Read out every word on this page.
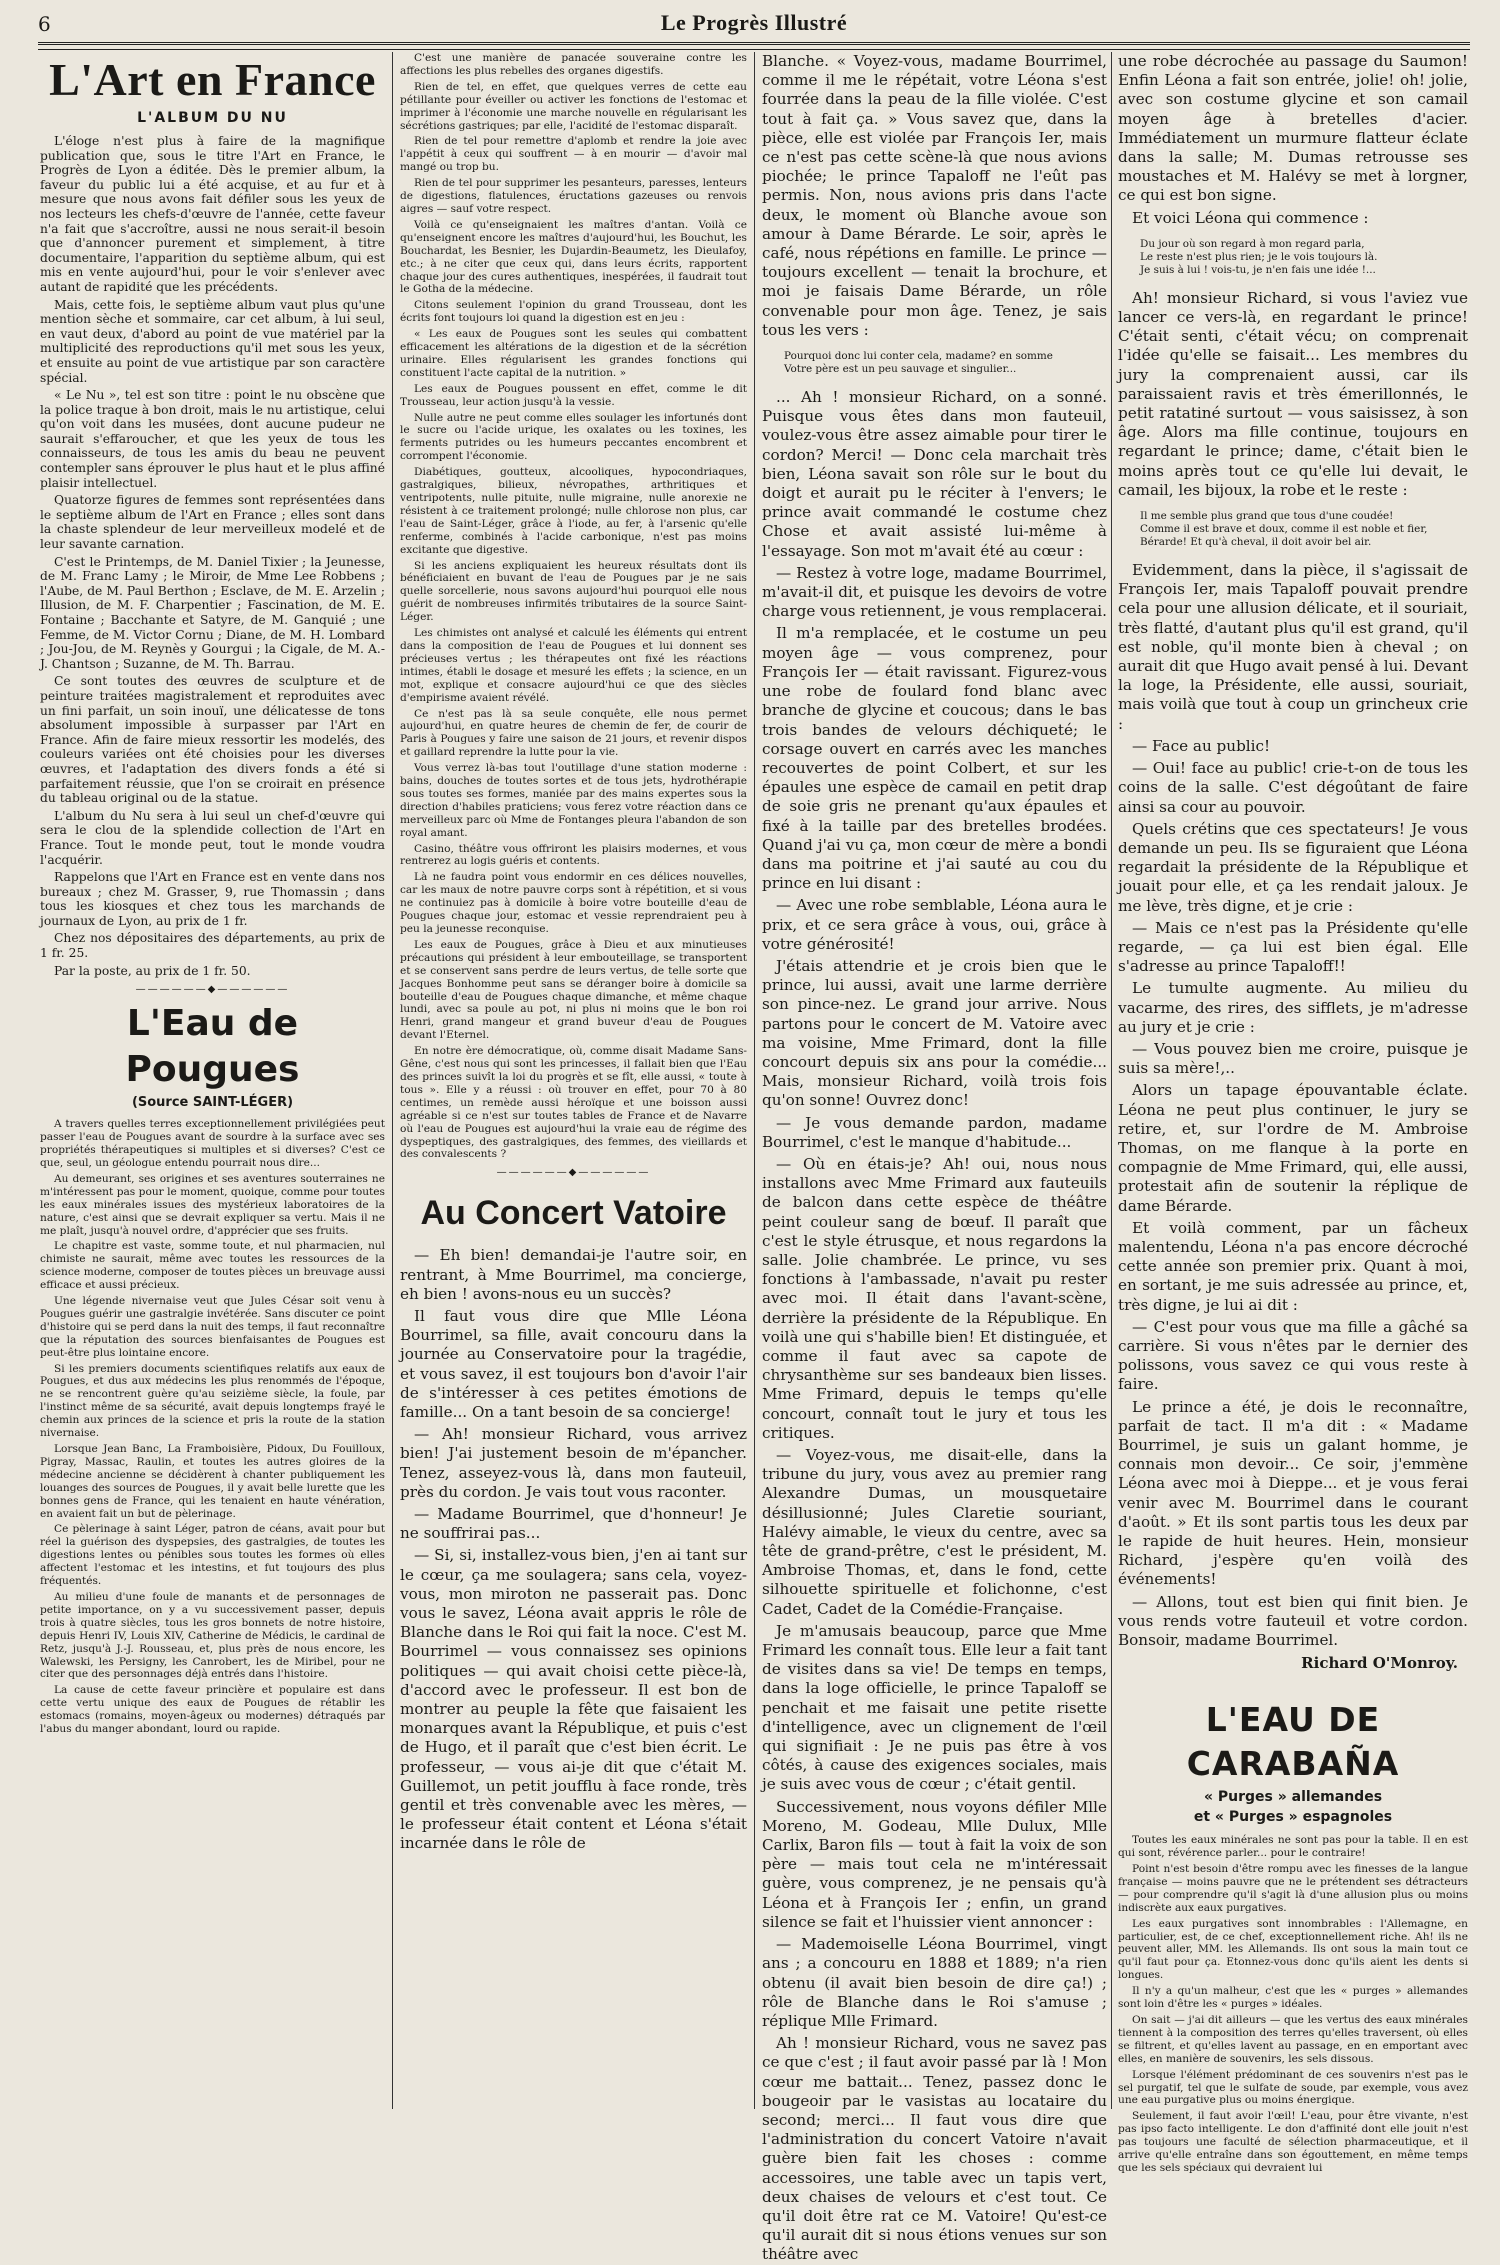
6	Le Progrès Illustré
L'Art en France
L'ALBUM DU NU

L'éloge n'est plus à faire de la magnifique publication que, sous le titre l'Art en France, le Progrès de Lyon a éditée. Dès le premier album, la faveur du public lui a été acquise, et au fur et à mesure que nous avons fait défiler sous les yeux de nos lecteurs les chefs-d'œuvre de l'année, cette faveur n'a fait que s'accroître, aussi ne nous serait-il besoin que d'annoncer purement et simplement, à titre documentaire, l'apparition du septième album, qui est mis en vente aujourd'hui, pour le voir s'enlever avec autant de rapidité que les précédents.

Mais, cette fois, le septième album vaut plus qu'une mention sèche et sommaire, car cet album, à lui seul, en vaut deux, d'abord au point de vue matériel par la multiplicité des reproductions qu'il met sous les yeux, et ensuite au point de vue artistique par son caractère spécial.

« Le Nu », tel est son titre : point le nu obscène que la police traque à bon droit, mais le nu artistique, celui qu'on voit dans les musées, dont aucune pudeur ne saurait s'effaroucher, et que les yeux de tous les connaisseurs, de tous les amis du beau ne peuvent contempler sans éprouver le plus haut et le plus affiné plaisir intellectuel.

Quatorze figures de femmes sont représentées dans le septième album de l'Art en France ; elles sont dans la chaste splendeur de leur merveilleux modelé et de leur savante carnation.

C'est le Printemps, de M. Daniel Tixier ; la Jeunesse, de M. Franc Lamy ; le Miroir, de Mme Lee Robbens ; l'Aube, de M. Paul Berthon ; Esclave, de M. E. Arzelin ; Illusion, de M. F. Charpentier ; Fascination, de M. E. Fontaine ; Bacchante et Satyre, de M. Ganquié ; une Femme, de M. Victor Cornu ; Diane, de M. H. Lombard ; Jou-Jou, de M. Reynès y Gourgui ; la Cigale, de M. A.-J. Chantson ; Suzanne, de M. Th. Barrau.

Ce sont toutes des œuvres de sculpture et de peinture traitées magistralement et reproduites avec un fini parfait, un soin inouï, une délicatesse de tons absolument impossible à surpasser par l'Art en France. Afin de faire mieux ressortir les modelés, des couleurs variées ont été choisies pour les diverses œuvres, et l'adaptation des divers fonds a été si parfaitement réussie, que l'on se croirait en présence du tableau original ou de la statue.

L'album du Nu sera à lui seul un chef-d'œuvre qui sera le clou de la splendide collection de l'Art en France. Tout le monde peut, tout le monde voudra l'acquérir.

Rappelons que l'Art en France est en vente dans nos bureaux ; chez M. Grasser, 9, rue Thomassin ; dans tous les kiosques et chez tous les marchands de journaux de Lyon, au prix de 1 fr.

Chez nos dépositaires des départements, au prix de 1 fr. 25.

Par la poste, au prix de 1 fr. 50.

——————◆——————
L'Eau de Pougues
(Source SAINT-LÉGER)

A travers quelles terres exceptionnellement privilégiées peut passer l'eau de Pougues avant de sourdre à la surface avec ses propriétés thérapeutiques si multiples et si diverses? C'est ce que, seul, un géologue entendu pourrait nous dire...

Au demeurant, ses origines et ses aventures souterraines ne m'intéressent pas pour le moment, quoique, comme pour toutes les eaux minérales issues des mystérieux laboratoires de la nature, c'est ainsi que se devrait expliquer sa vertu. Mais il ne me plaît, jusqu'à nouvel ordre, d'apprécier que ses fruits.

Le chapitre est vaste, somme toute, et nul pharmacien, nul chimiste ne saurait, même avec toutes les ressources de la science moderne, composer de toutes pièces un breuvage aussi efficace et aussi précieux.

Une légende nivernaise veut que Jules César soit venu à Pougues guérir une gastralgie invétérée. Sans discuter ce point d'histoire qui se perd dans la nuit des temps, il faut reconnaître que la réputation des sources bienfaisantes de Pougues est peut-être plus lointaine encore.

Si les premiers documents scientifiques relatifs aux eaux de Pougues, et dus aux médecins les plus renommés de l'époque, ne se rencontrent guère qu'au seizième siècle, la foule, par l'instinct même de sa sécurité, avait depuis longtemps frayé le chemin aux princes de la science et pris la route de la station nivernaise.

Lorsque Jean Banc, La Framboisière, Pidoux, Du Fouilloux, Pigray, Massac, Raulin, et toutes les autres gloires de la médecine ancienne se décidèrent à chanter publiquement les louanges des sources de Pougues, il y avait belle lurette que les bonnes gens de France, qui les tenaient en haute vénération, en avaient fait un but de pèlerinage.

Ce pèlerinage à saint Léger, patron de céans, avait pour but réel la guérison des dyspepsies, des gastralgies, de toutes les digestions lentes ou pénibles sous toutes les formes où elles affectent l'estomac et les intestins, et fut toujours des plus fréquentés.

Au milieu d'une foule de manants et de personnages de petite importance, on y a vu successivement passer, depuis trois à quatre siècles, tous les gros bonnets de notre histoire, depuis Henri IV, Louis XIV, Catherine de Médicis, le cardinal de Retz, jusqu'à J.-J. Rousseau, et, plus près de nous encore, les Walewski, les Persigny, les Canrobert, les de Miribel, pour ne citer que des personnages déjà entrés dans l'histoire.

La cause de cette faveur princière et populaire est dans cette vertu unique des eaux de Pougues de rétablir les estomacs (romains, moyen-âgeux ou modernes) détraqués par l'abus du manger abondant, lourd ou rapide.

C'est une manière de panacée souveraine contre les affections les plus rebelles des organes digestifs.

Rien de tel, en effet, que quelques verres de cette eau pétillante pour éveiller ou activer les fonctions de l'estomac et imprimer à l'économie une marche nouvelle en régularisant les sécrétions gastriques; par elle, l'acidité de l'estomac disparaît.

Rien de tel pour remettre d'aplomb et rendre la joie avec l'appétit à ceux qui souffrent — à en mourir — d'avoir mal mangé ou trop bu.

Rien de tel pour supprimer les pesanteurs, paresses, lenteurs de digestions, flatulences, éructations gazeuses ou renvois aigres — sauf votre respect.

Voilà ce qu'enseignaient les maîtres d'antan. Voilà ce qu'enseignent encore les maîtres d'aujourd'hui, les Bouchut, les Bouchardat, les Besnier, les Dujardin-Beaumetz, les Dieulafoy, etc.; à ne citer que ceux qui, dans leurs écrits, rapportent chaque jour des cures authentiques, inespérées, il faudrait tout le Gotha de la médecine.

Citons seulement l'opinion du grand Trousseau, dont les écrits font toujours loi quand la digestion est en jeu :

« Les eaux de Pougues sont les seules qui combattent efficacement les altérations de la digestion et de la sécrétion urinaire. Elles régularisent les grandes fonctions qui constituent l'acte capital de la nutrition. »

Les eaux de Pougues poussent en effet, comme le dit Trousseau, leur action jusqu'à la vessie.

Nulle autre ne peut comme elles soulager les infortunés dont le sucre ou l'acide urique, les oxalates ou les toxines, les ferments putrides ou les humeurs peccantes encombrent et corrompent l'économie.

Diabétiques, goutteux, alcooliques, hypocondriaques, gastralgiques, bilieux, névropathes, arthritiques et ventripotents, nulle pituite, nulle migraine, nulle anorexie ne résistent à ce traitement prolongé; nulle chlorose non plus, car l'eau de Saint-Léger, grâce à l'iode, au fer, à l'arsenic qu'elle renferme, combinés à l'acide carbonique, n'est pas moins excitante que digestive.

Si les anciens expliquaient les heureux résultats dont ils bénéficiaient en buvant de l'eau de Pougues par je ne sais quelle sorcellerie, nous savons aujourd'hui pourquoi elle nous guérit de nombreuses infirmités tributaires de la source Saint-Léger.

Les chimistes ont analysé et calculé les éléments qui entrent dans la composition de l'eau de Pougues et lui donnent ses précieuses vertus ; les thérapeutes ont fixé les réactions intimes, établi le dosage et mesuré les effets ; la science, en un mot, explique et consacre aujourd'hui ce que des siècles d'empirisme avaient révélé.

Ce n'est pas là sa seule conquête, elle nous permet aujourd'hui, en quatre heures de chemin de fer, de courir de Paris à Pougues y faire une saison de 21 jours, et revenir dispos et gaillard reprendre la lutte pour la vie.

Vous verrez là-bas tout l'outillage d'une station moderne : bains, douches de toutes sortes et de tous jets, hydrothérapie sous toutes ses formes, maniée par des mains expertes sous la direction d'habiles praticiens; vous ferez votre réaction dans ce merveilleux parc où Mme de Fontanges pleura l'abandon de son royal amant.

Casino, théâtre vous offriront les plaisirs modernes, et vous rentrerez au logis guéris et contents.

Là ne faudra point vous endormir en ces délices nouvelles, car les maux de notre pauvre corps sont à répétition, et si vous ne continuiez pas à domicile à boire votre bouteille d'eau de Pougues chaque jour, estomac et vessie reprendraient peu à peu la jeunesse reconquise.

Les eaux de Pougues, grâce à Dieu et aux minutieuses précautions qui président à leur embouteillage, se transportent et se conservent sans perdre de leurs vertus, de telle sorte que Jacques Bonhomme peut sans se déranger boire à domicile sa bouteille d'eau de Pougues chaque dimanche, et même chaque lundi, avec sa poule au pot, ni plus ni moins que le bon roi Henri, grand mangeur et grand buveur d'eau de Pougues devant l'Eternel.

En notre ère démocratique, où, comme disait Madame Sans-Gêne, c'est nous qui sont les princesses, il fallait bien que l'Eau des princes suivît la loi du progrès et se fît, elle aussi, « toute à tous ». Elle y a réussi : où trouver en effet, pour 70 à 80 centimes, un remède aussi héroïque et une boisson aussi agréable si ce n'est sur toutes tables de France et de Navarre où l'eau de Pougues est aujourd'hui la vraie eau de régime des dyspeptiques, des gastralgiques, des femmes, des vieillards et des convalescents ?

——————◆——————
Au Concert Vatoire

— Eh bien! demandai-je l'autre soir, en rentrant, à Mme Bourrimel, ma concierge, eh bien ! avons-nous eu un succès?

Il faut vous dire que Mlle Léona Bourrimel, sa fille, avait concouru dans la journée au Conservatoire pour la tragédie, et vous savez, il est toujours bon d'avoir l'air de s'intéresser à ces petites émotions de famille... On a tant besoin de sa concierge!

— Ah! monsieur Richard, vous arrivez bien! J'ai justement besoin de m'épancher. Tenez, asseyez-vous là, dans mon fauteuil, près du cordon. Je vais tout vous raconter.

— Madame Bourrimel, que d'honneur! Je ne souffrirai pas...

— Si, si, installez-vous bien, j'en ai tant sur le cœur, ça me soulagera; sans cela, voyez-vous, mon miroton ne passerait pas. Donc vous le savez, Léona avait appris le rôle de Blanche dans le Roi qui fait la noce. C'est M. Bourrimel — vous connaissez ses opinions politiques — qui avait choisi cette pièce-là, d'accord avec le professeur. Il est bon de montrer au peuple la fête que faisaient les monarques avant la République, et puis c'est de Hugo, et il paraît que c'est bien écrit. Le professeur, — vous ai-je dit que c'était M. Guillemot, un petit joufflu à face ronde, très gentil et très convenable avec les mères, — le professeur était content et Léona s'était incarnée dans le rôle de

Blanche. « Voyez-vous, madame Bourrimel, comme il me le répétait, votre Léona s'est fourrée dans la peau de la fille violée. C'est tout à fait ça. » Vous savez que, dans la pièce, elle est violée par François Ier, mais ce n'est pas cette scène-là que nous avions piochée; le prince Tapaloff ne l'eût pas permis. Non, nous avions pris dans l'acte deux, le moment où Blanche avoue son amour à Dame Bérarde. Le soir, après le café, nous répétions en famille. Le prince — toujours excellent — tenait la brochure, et moi je faisais Dame Bérarde, un rôle convenable pour mon âge. Tenez, je sais tous les vers :

Pourquoi donc lui conter cela, madame? en somme
Votre père est un peu sauvage et singulier...

... Ah ! monsieur Richard, on a sonné. Puisque vous êtes dans mon fauteuil, voulez-vous être assez aimable pour tirer le cordon? Merci! — Donc cela marchait très bien, Léona savait son rôle sur le bout du doigt et aurait pu le réciter à l'envers; le prince avait commandé le costume chez Chose et avait assisté lui-même à l'essayage. Son mot m'avait été au cœur :

— Restez à votre loge, madame Bourrimel, m'avait-il dit, et puisque les devoirs de votre charge vous retiennent, je vous remplacerai.

Il m'a remplacée, et le costume un peu moyen âge — vous comprenez, pour François Ier — était ravissant. Figurez-vous une robe de foulard fond blanc avec branche de glycine et coucous; dans le bas trois bandes de velours déchiqueté; le corsage ouvert en carrés avec les manches recouvertes de point Colbert, et sur les épaules une espèce de camail en petit drap de soie gris ne prenant qu'aux épaules et fixé à la taille par des bretelles brodées. Quand j'ai vu ça, mon cœur de mère a bondi dans ma poitrine et j'ai sauté au cou du prince en lui disant :

— Avec une robe semblable, Léona aura le prix, et ce sera grâce à vous, oui, grâce à votre générosité!

J'étais attendrie et je crois bien que le prince, lui aussi, avait une larme derrière son pince-nez. Le grand jour arrive. Nous partons pour le concert de M. Vatoire avec ma voisine, Mme Frimard, dont la fille concourt depuis six ans pour la comédie... Mais, monsieur Richard, voilà trois fois qu'on sonne! Ouvrez donc!

— Je vous demande pardon, madame Bourrimel, c'est le manque d'habitude...

— Où en étais-je? Ah! oui, nous nous installons avec Mme Frimard aux fauteuils de balcon dans cette espèce de théâtre peint couleur sang de bœuf. Il paraît que c'est le style étrusque, et nous regardons la salle. Jolie chambrée. Le prince, vu ses fonctions à l'ambassade, n'avait pu rester avec moi. Il était dans l'avant-scène, derrière la présidente de la République. En voilà une qui s'habille bien! Et distinguée, et comme il faut avec sa capote de chrysanthème sur ses bandeaux bien lisses. Mme Frimard, depuis le temps qu'elle concourt, connaît tout le jury et tous les critiques.

— Voyez-vous, me disait-elle, dans la tribune du jury, vous avez au premier rang Alexandre Dumas, un mousquetaire désillusionné; Jules Claretie souriant, Halévy aimable, le vieux du centre, avec sa tête de grand-prêtre, c'est le président, M. Ambroise Thomas, et, dans le fond, cette silhouette spirituelle et folichonne, c'est Cadet, Cadet de la Comédie-Française.

Je m'amusais beaucoup, parce que Mme Frimard les connaît tous. Elle leur a fait tant de visites dans sa vie! De temps en temps, dans la loge officielle, le prince Tapaloff se penchait et me faisait une petite risette d'intelligence, avec un clignement de l'œil qui signifiait : Je ne puis pas être à vos côtés, à cause des exigences sociales, mais je suis avec vous de cœur ; c'était gentil.

Successivement, nous voyons défiler Mlle Moreno, M. Godeau, Mlle Dulux, Mlle Carlix, Baron fils — tout à fait la voix de son père — mais tout cela ne m'intéressait guère, vous comprenez, je ne pensais qu'à Léona et à François Ier ; enfin, un grand silence se fait et l'huissier vient annoncer :

— Mademoiselle Léona Bourrimel, vingt ans ; a concouru en 1888 et 1889; n'a rien obtenu (il avait bien besoin de dire ça!) ; rôle de Blanche dans le Roi s'amuse ; réplique Mlle Frimard.

Ah ! monsieur Richard, vous ne savez pas ce que c'est ; il faut avoir passé par là ! Mon cœur me battait... Tenez, passez donc le bougeoir par le vasistas au locataire du second; merci... Il faut vous dire que l'administration du concert Vatoire n'avait guère bien fait les choses : comme accessoires, une table avec un tapis vert, deux chaises de velours et c'est tout. Ce qu'il doit être rat ce M. Vatoire! Qu'est-ce qu'il aurait dit si nous étions venues sur son théâtre avec

une robe décrochée au passage du Saumon! Enfin Léona a fait son entrée, jolie! oh! jolie, avec son costume glycine et son camail moyen âge à bretelles d'acier. Immédiatement un murmure flatteur éclate dans la salle; M. Dumas retrousse ses moustaches et M. Halévy se met à lorgner, ce qui est bon signe.

Et voici Léona qui commence :

Du jour où son regard à mon regard parla,
Le reste n'est plus rien; je le vois toujours là.
Je suis à lui ! vois-tu, je n'en fais une idée !...

Ah! monsieur Richard, si vous l'aviez vue lancer ce vers-là, en regardant le prince! C'était senti, c'était vécu; on comprenait l'idée qu'elle se faisait... Les membres du jury la comprenaient aussi, car ils paraissaient ravis et très émerillonnés, le petit ratatiné surtout — vous saisissez, à son âge. Alors ma fille continue, toujours en regardant le prince; dame, c'était bien le moins après tout ce qu'elle lui devait, le camail, les bijoux, la robe et le reste :

Il me semble plus grand que tous d'une coudée!
Comme il est brave et doux, comme il est noble et fier,
Bérarde! Et qu'à cheval, il doit avoir bel air.

Evidemment, dans la pièce, il s'agissait de François Ier, mais Tapaloff pouvait prendre cela pour une allusion délicate, et il souriait, très flatté, d'autant plus qu'il est grand, qu'il est noble, qu'il monte bien à cheval ; on aurait dit que Hugo avait pensé à lui. Devant la loge, la Présidente, elle aussi, souriait, mais voilà que tout à coup un grincheux crie :

— Face au public!

— Oui! face au public! crie-t-on de tous les coins de la salle. C'est dégoûtant de faire ainsi sa cour au pouvoir.

Quels crétins que ces spectateurs! Je vous demande un peu. Ils se figuraient que Léona regardait la présidente de la République et jouait pour elle, et ça les rendait jaloux. Je me lève, très digne, et je crie :

— Mais ce n'est pas la Présidente qu'elle regarde, — ça lui est bien égal. Elle s'adresse au prince Tapaloff!!

Le tumulte augmente. Au milieu du vacarme, des rires, des sifflets, je m'adresse au jury et je crie :

— Vous pouvez bien me croire, puisque je suis sa mère!,..

Alors un tapage épouvantable éclate. Léona ne peut plus continuer, le jury se retire, et, sur l'ordre de M. Ambroise Thomas, on me flanque à la porte en compagnie de Mme Frimard, qui, elle aussi, protestait afin de soutenir la réplique de dame Bérarde.

Et voilà comment, par un fâcheux malentendu, Léona n'a pas encore décroché cette année son premier prix. Quant à moi, en sortant, je me suis adressée au prince, et, très digne, je lui ai dit :

— C'est pour vous que ma fille a gâché sa carrière. Si vous n'êtes par le dernier des polissons, vous savez ce qui vous reste à faire.

Le prince a été, je dois le reconnaître, parfait de tact. Il m'a dit : « Madame Bourrimel, je suis un galant homme, je connais mon devoir... Ce soir, j'emmène Léona avec moi à Dieppe... et je vous ferai venir avec M. Bourrimel dans le courant d'août. » Et ils sont partis tous les deux par le rapide de huit heures. Hein, monsieur Richard, j'espère qu'en voilà des événements!

— Allons, tout est bien qui finit bien. Je vous rends votre fauteuil et votre cordon. Bonsoir, madame Bourrimel.

Richard O'Monroy.
L'EAU DE CARABAÑA
« Purges » allemandes
et « Purges » espagnoles

Toutes les eaux minérales ne sont pas pour la table. Il en est qui sont, révérence parler... pour le contraire!

Point n'est besoin d'être rompu avec les finesses de la langue française — moins pauvre que ne le prétendent ses détracteurs — pour comprendre qu'il s'agit là d'une allusion plus ou moins indiscrète aux eaux purgatives.

Les eaux purgatives sont innombrables : l'Allemagne, en particulier, est, de ce chef, exceptionnellement riche. Ah! ils ne peuvent aller, MM. les Allemands. Ils ont sous la main tout ce qu'il faut pour ça. Etonnez-vous donc qu'ils aient les dents si longues.

Il n'y a qu'un malheur, c'est que les « purges » allemandes sont loin d'être les « purges » idéales.

On sait — j'ai dit ailleurs — que les vertus des eaux minérales tiennent à la composition des terres qu'elles traversent, où elles se filtrent, et qu'elles lavent au passage, en en emportant avec elles, en manière de souvenirs, les sels dissous.

Lorsque l'élément prédominant de ces souvenirs n'est pas le sel purgatif, tel que le sulfate de soude, par exemple, vous avez une eau purgative plus ou moins énergique.

Seulement, il faut avoir l'œil! L'eau, pour être vivante, n'est pas ipso facto intelligente. Le don d'affinité dont elle jouit n'est pas toujours une faculté de sélection pharmaceutique, et il arrive qu'elle entraîne dans son égouttement, en même temps que les sels spéciaux qui devraient lui
